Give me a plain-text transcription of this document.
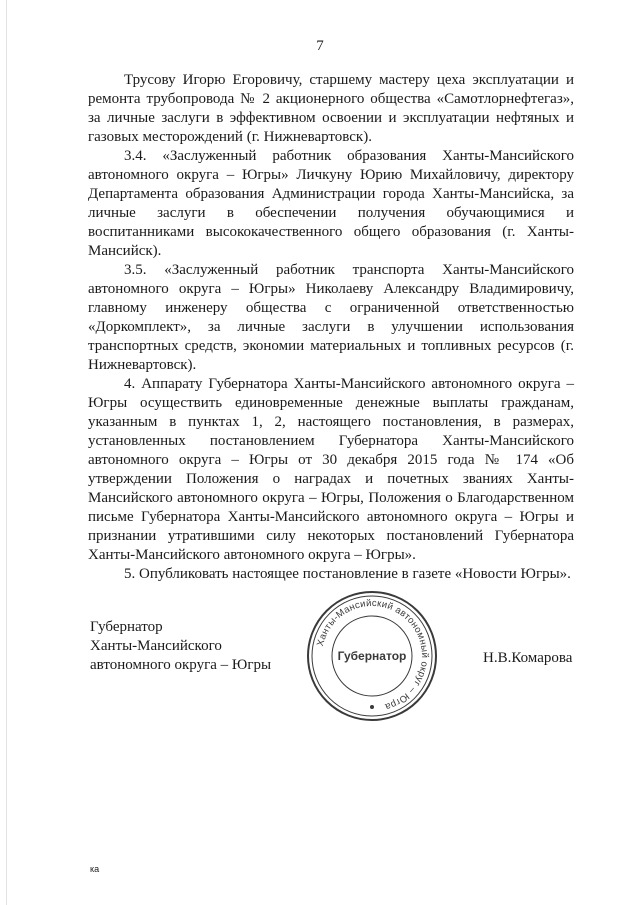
7

Трусову Игорю Егоровичу, старшему мастеру цеха эксплуатации и ремонта трубопровода № 2 акционерного общества «Самотлорнефтегаз», за личные заслуги в эффективном освоении и эксплуатации нефтяных и газовых месторождений (г. Нижневартовск).

3.4. «Заслуженный работник образования Ханты-Мансийского автономного округа – Югры» Личкуну Юрию Михайловичу, директору Департамента образования Администрации города Ханты-Мансийска, за личные заслуги в обеспечении получения обучающимися и воспитанниками высококачественного общего образования (г. Ханты-Мансийск).

3.5. «Заслуженный работник транспорта Ханты-Мансийского автономного округа – Югры» Николаеву Александру Владимировичу, главному инженеру общества с ограниченной ответственностью «Доркомплект», за личные заслуги в улучшении использования транспортных средств, экономии материальных и топливных ресурсов (г. Нижневартовск).

4. Аппарату Губернатора Ханты-Мансийского автономного округа – Югры осуществить единовременные денежные выплаты гражданам, указанным в пунктах 1, 2, настоящего постановления, в размерах, установленных постановлением Губернатора Ханты-Мансийского автономного округа – Югры от 30 декабря 2015 года № 174 «Об утверждении Положения о наградах и почетных званиях Ханты-Мансийского автономного округа – Югры, Положения о Благодарственном письме Губернатора Ханты-Мансийского автономного округа – Югры и признании утратившими силу некоторых постановлений Губернатора Ханты-Мансийского автономного округа – Югры».

5. Опубликовать настоящее постановление в газете «Новости Югры».

Губернатор
Ханты-Мансийского
автономного округа – Югры
Ханты-Мансийский автономный округ – Югра
Губернатор	Н.В.Комарова
ка
